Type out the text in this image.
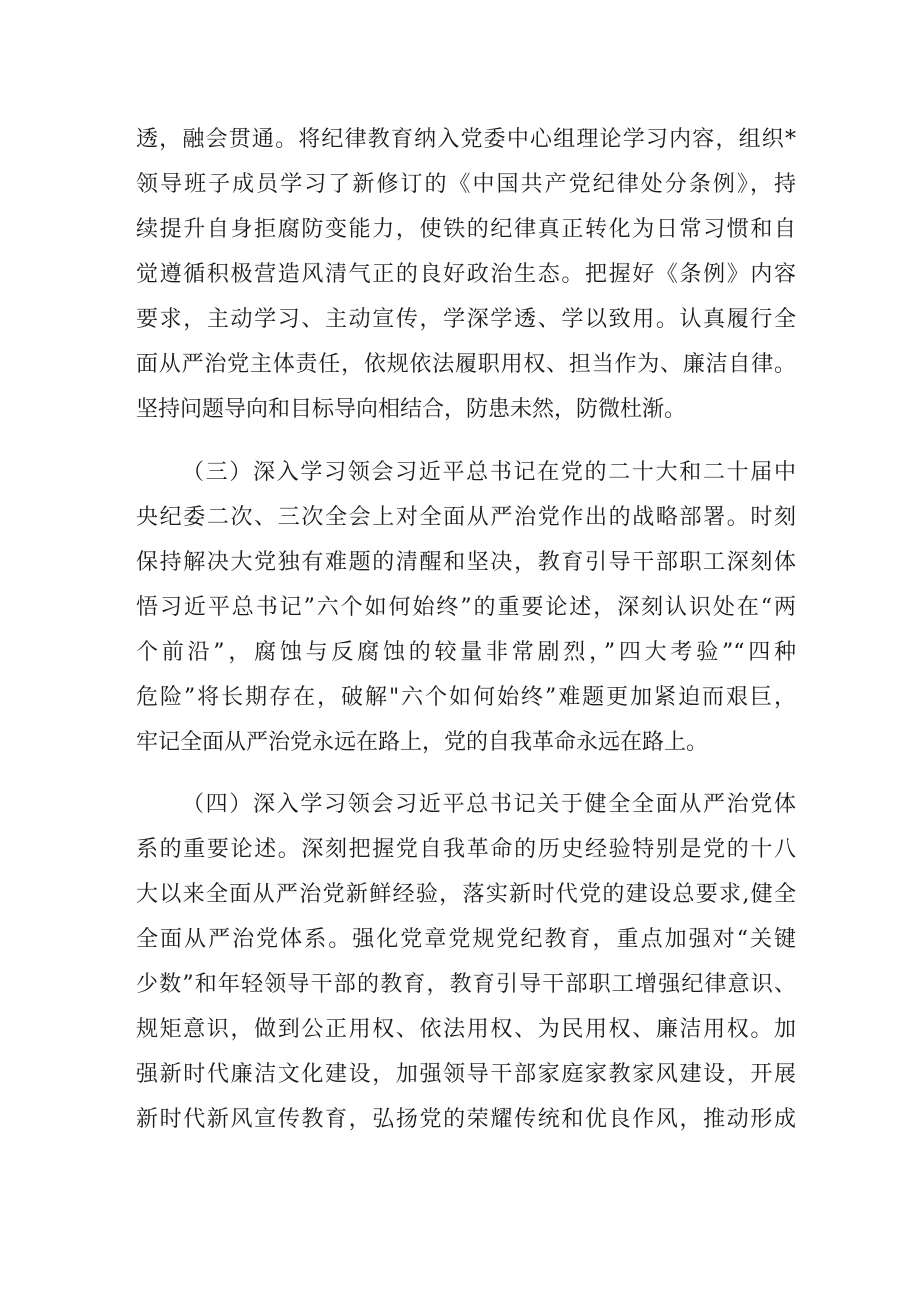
透，融会贯通。将纪律教育纳入党委中心组理论学习内容，组织*
领导班子成员学习了新修订的《中国共产党纪律处分条例》，持
续提升自身拒腐防变能力，使铁的纪律真正转化为日常习惯和自
觉遵循积极营造风清气正的良好政治生态。把握好《条例》内容
要求，主动学习、主动宣传，学深学透、学以致用。认真履行全
面从严治党主体责任，依规依法履职用权、担当作为、廉洁自律。
坚持问题导向和目标导向相结合，防患未然，防微杜渐。
（三）深入学习领会习近平总书记在党的二十大和二十届中
央纪委二次、三次全会上对全面从严治党作出的战略部署。时刻
保持解决大党独有难题的清醒和坚决，教育引导干部职工深刻体
悟习近平总书记”六个如何始终”的重要论述，深刻认识处在“两
个前沿”，腐蚀与反腐蚀的较量非常剧烈，”四大考验”“四种
危险”将长期存在，破解"六个如何始终”难题更加紧迫而艰巨，
牢记全面从严治党永远在路上，党的自我革命永远在路上。
（四）深入学习领会习近平总书记关于健全全面从严治党体
系的重要论述。深刻把握党自我革命的历史经验特别是党的十八
大以来全面从严治党新鲜经验，落实新时代党的建设总要求,健全
全面从严治党体系。强化党章党规党纪教育，重点加强对“关键
少数”和年轻领导干部的教育，教育引导干部职工增强纪律意识、
规矩意识，做到公正用权、依法用权、为民用权、廉洁用权。加
强新时代廉洁文化建设，加强领导干部家庭家教家风建设，开展
新时代新风宣传教育，弘扬党的荣耀传统和优良作风，推动形成
